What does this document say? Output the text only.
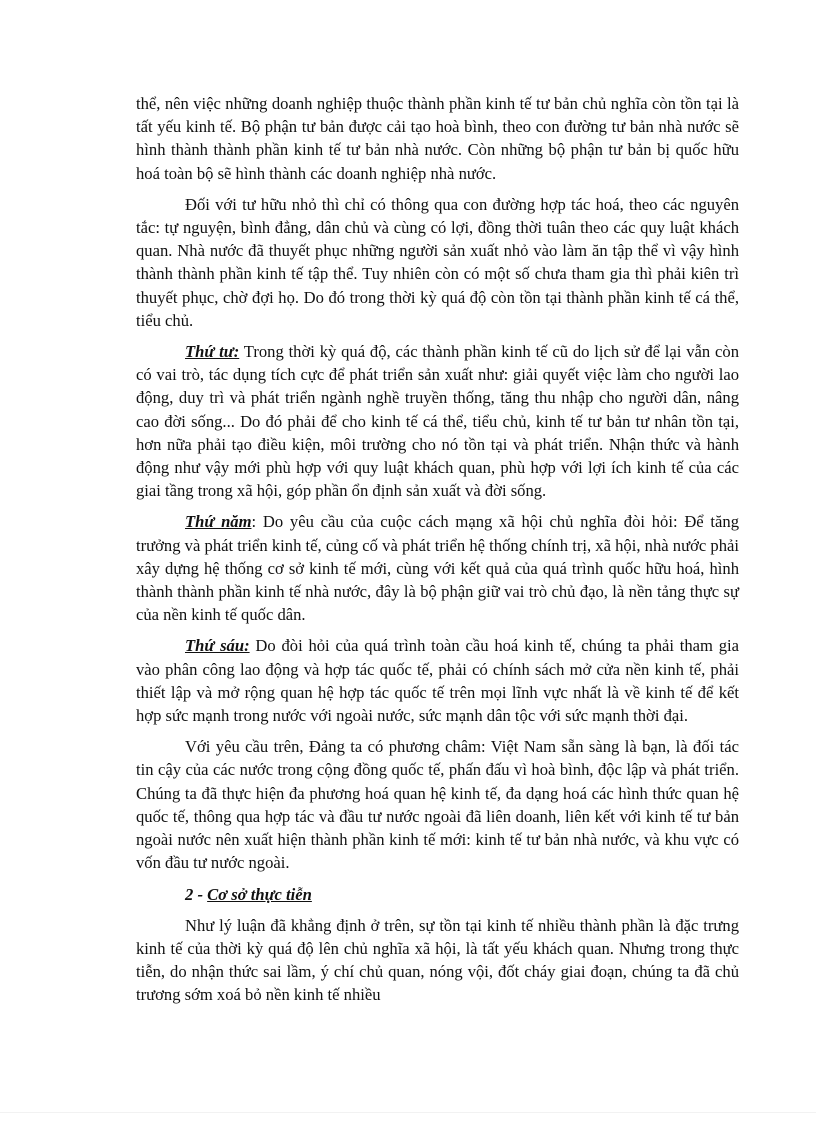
thể, nên việc những doanh nghiệp thuộc thành phần kinh tế tư bản chủ nghĩa còn tồn tại là tất yếu kinh tế. Bộ phận tư bản được cải tạo hoà bình, theo con đường tư bản nhà nước sẽ hình thành thành phần kinh tế tư bản nhà nước. Còn những bộ phận tư bản bị quốc hữu hoá toàn bộ sẽ hình thành các doanh nghiệp nhà nước.

Đối với tư hữu nhỏ thì chỉ có thông qua con đường hợp tác hoá, theo các nguyên tắc: tự nguyện, bình đẳng, dân chủ và cùng có lợi, đồng thời tuân theo các quy luật khách quan. Nhà nước đã thuyết phục những người sản xuất nhỏ vào làm ăn tập thể vì vậy hình thành thành phần kinh tế tập thể. Tuy nhiên còn có một số chưa tham gia thì phải kiên trì thuyết phục, chờ đợi họ. Do đó trong thời kỳ quá độ còn tồn tại thành phần kinh tế cá thể, tiểu chủ.

Thứ tư: Trong thời kỳ quá độ, các thành phần kinh tế cũ do lịch sử để lại vẫn còn có vai trò, tác dụng tích cực để phát triển sản xuất như: giải quyết việc làm cho người lao động, duy trì và phát triển ngành nghề truyền thống, tăng thu nhập cho người dân, nâng cao đời sống... Do đó phải để cho kinh tế cá thể, tiểu chủ, kinh tế tư bản tư nhân tồn tại, hơn nữa phải tạo điều kiện, môi trường cho nó tồn tại và phát triển. Nhận thức và hành động như vậy mới phù hợp với quy luật khách quan, phù hợp với lợi ích kinh tế của các giai tầng trong xã hội, góp phần ổn định sản xuất và đời sống.

Thứ năm: Do yêu cầu của cuộc cách mạng xã hội chủ nghĩa đòi hỏi: Để tăng trưởng và phát triển kinh tế, củng cố và phát triển hệ thống chính trị, xã hội, nhà nước phải xây dựng hệ thống cơ sở kinh tế mới, cùng với kết quả của quá trình quốc hữu hoá, hình thành thành phần kinh tế nhà nước, đây là bộ phận giữ vai trò chủ đạo, là nền tảng thực sự của nền kinh tế quốc dân.

Thứ sáu: Do đòi hỏi của quá trình toàn cầu hoá kinh tế, chúng ta phải tham gia vào phân công lao động và hợp tác quốc tế, phải có chính sách mở cửa nền kinh tế, phải thiết lập và mở rộng quan hệ hợp tác quốc tế trên mọi lĩnh vực nhất là về kinh tế để kết hợp sức mạnh trong nước với ngoài nước, sức mạnh dân tộc với sức mạnh thời đại.

Với yêu cầu trên, Đảng ta có phương châm: Việt Nam sẵn sàng là bạn, là đối tác tin cậy của các nước trong cộng đồng quốc tế, phấn đấu vì hoà bình, độc lập và phát triển. Chúng ta đã thực hiện đa phương hoá quan hệ kinh tế, đa dạng hoá các hình thức quan hệ quốc tế, thông qua hợp tác và đầu tư nước ngoài đã liên doanh, liên kết với kinh tế tư bản ngoài nước nên xuất hiện thành phần kinh tế mới: kinh tế tư bản nhà nước, và khu vực có vốn đầu tư nước ngoài.

2 - Cơ sở thực tiễn

Như lý luận đã khẳng định ở trên, sự tồn tại kinh tế nhiều thành phần là đặc trưng kinh tế của thời kỳ quá độ lên chủ nghĩa xã hội, là tất yếu khách quan. Nhưng trong thực tiễn, do nhận thức sai lầm, ý chí chủ quan, nóng vội, đốt cháy giai đoạn, chúng ta đã chủ trương sớm xoá bỏ nền kinh tế nhiều
